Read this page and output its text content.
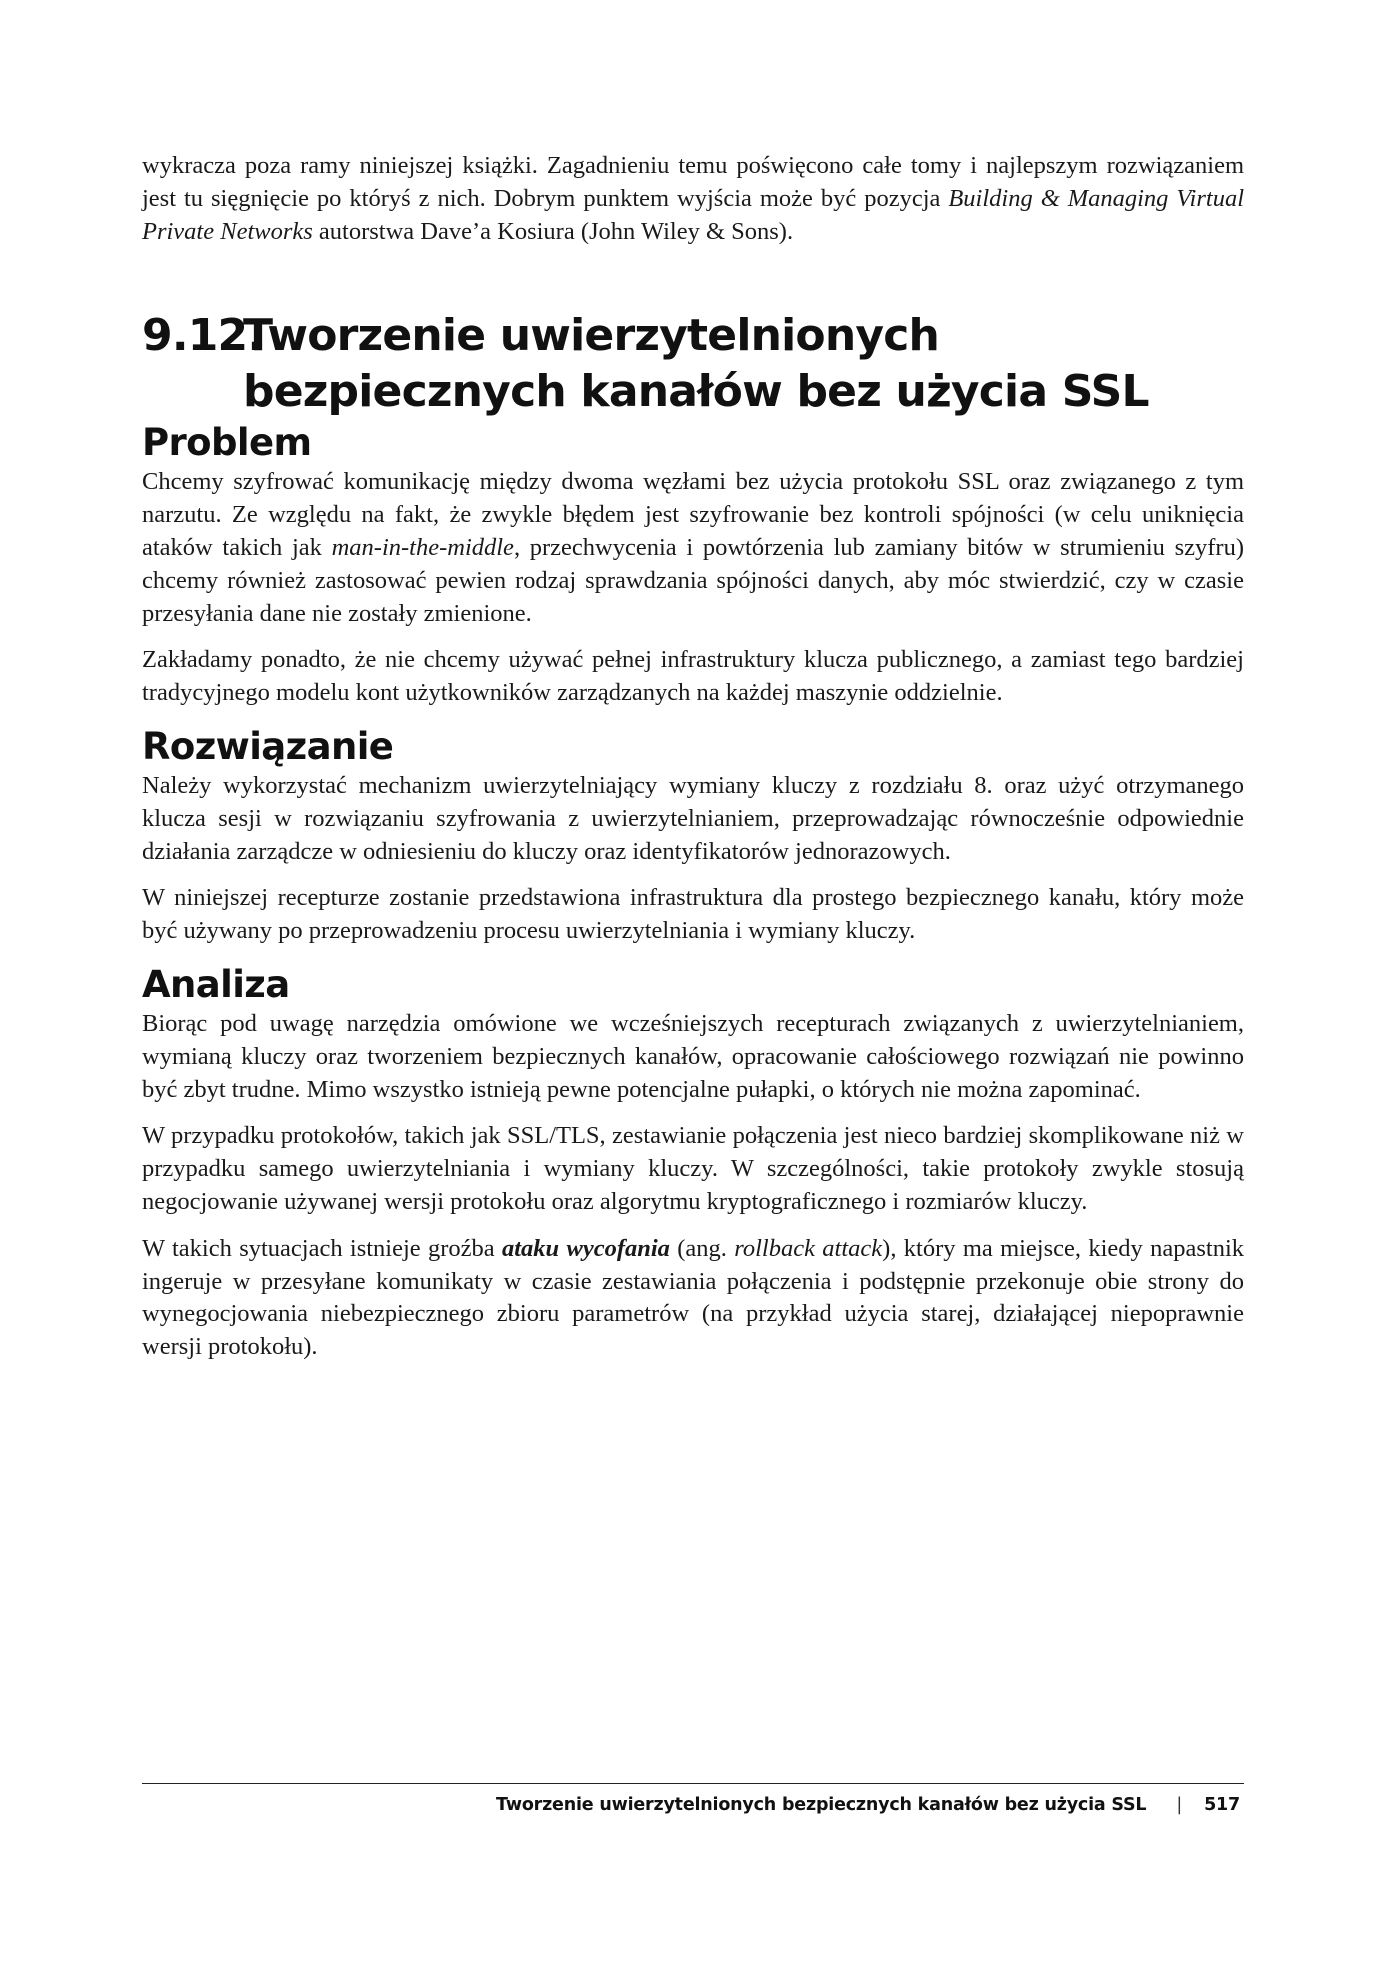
wykracza poza ramy niniejszej książki. Zagadnieniu temu poświęcono całe tomy i najlepszym rozwiązaniem jest tu sięgnięcie po któryś z nich. Dobrym punktem wyjścia może być pozycja Building & Managing Virtual Private Networks autorstwa Dave’a Kosiura (John Wiley & Sons).

9.12.
Tworzenie uwierzytelnionych bezpiecznych kanałów bez użycia SSL
Problem

Chcemy szyfrować komunikację między dwoma węzłami bez użycia protokołu SSL oraz związanego z tym narzutu. Ze względu na fakt, że zwykle błędem jest szyfrowanie bez kontroli spójności (w celu uniknięcia ataków takich jak man-in-the-middle, przechwycenia i powtórzenia lub zamiany bitów w strumieniu szyfru) chcemy również zastosować pewien rodzaj sprawdzania spójności danych, aby móc stwierdzić, czy w czasie przesyłania dane nie zostały zmienione.

Zakładamy ponadto, że nie chcemy używać pełnej infrastruktury klucza publicznego, a zamiast tego bardziej tradycyjnego modelu kont użytkowników zarządzanych na każdej maszynie oddzielnie.

Rozwiązanie

Należy wykorzystać mechanizm uwierzytelniający wymiany kluczy z rozdziału 8. oraz użyć otrzymanego klucza sesji w rozwiązaniu szyfrowania z uwierzytelnianiem, przeprowadzając równocześnie odpowiednie działania zarządcze w odniesieniu do kluczy oraz identyfikatorów jednorazowych.

W niniejszej recepturze zostanie przedstawiona infrastruktura dla prostego bezpiecznego kanału, który może być używany po przeprowadzeniu procesu uwierzytelniania i wymiany kluczy.

Analiza

Biorąc pod uwagę narzędzia omówione we wcześniejszych recepturach związanych z uwierzytelnianiem, wymianą kluczy oraz tworzeniem bezpiecznych kanałów, opracowanie całościowego rozwiązań nie powinno być zbyt trudne. Mimo wszystko istnieją pewne potencjalne pułapki, o których nie można zapominać.

W przypadku protokołów, takich jak SSL/TLS, zestawianie połączenia jest nieco bardziej skomplikowane niż w przypadku samego uwierzytelniania i wymiany kluczy. W szczególności, takie protokoły zwykle stosują negocjowanie używanej wersji protokołu oraz algorytmu kryptograficznego i rozmiarów kluczy.

W takich sytuacjach istnieje groźba ataku wycofania (ang. rollback attack), który ma miejsce, kiedy napastnik ingeruje w przesyłane komunikaty w czasie zestawiania połączenia i podstępnie przekonuje obie strony do wynegocjowania niebezpiecznego zbioru parametrów (na przykład użycia starej, działającej niepoprawnie wersji protokołu).

Tworzenie uwierzytelnionych bezpiecznych kanałów bez użycia SSL | 517
